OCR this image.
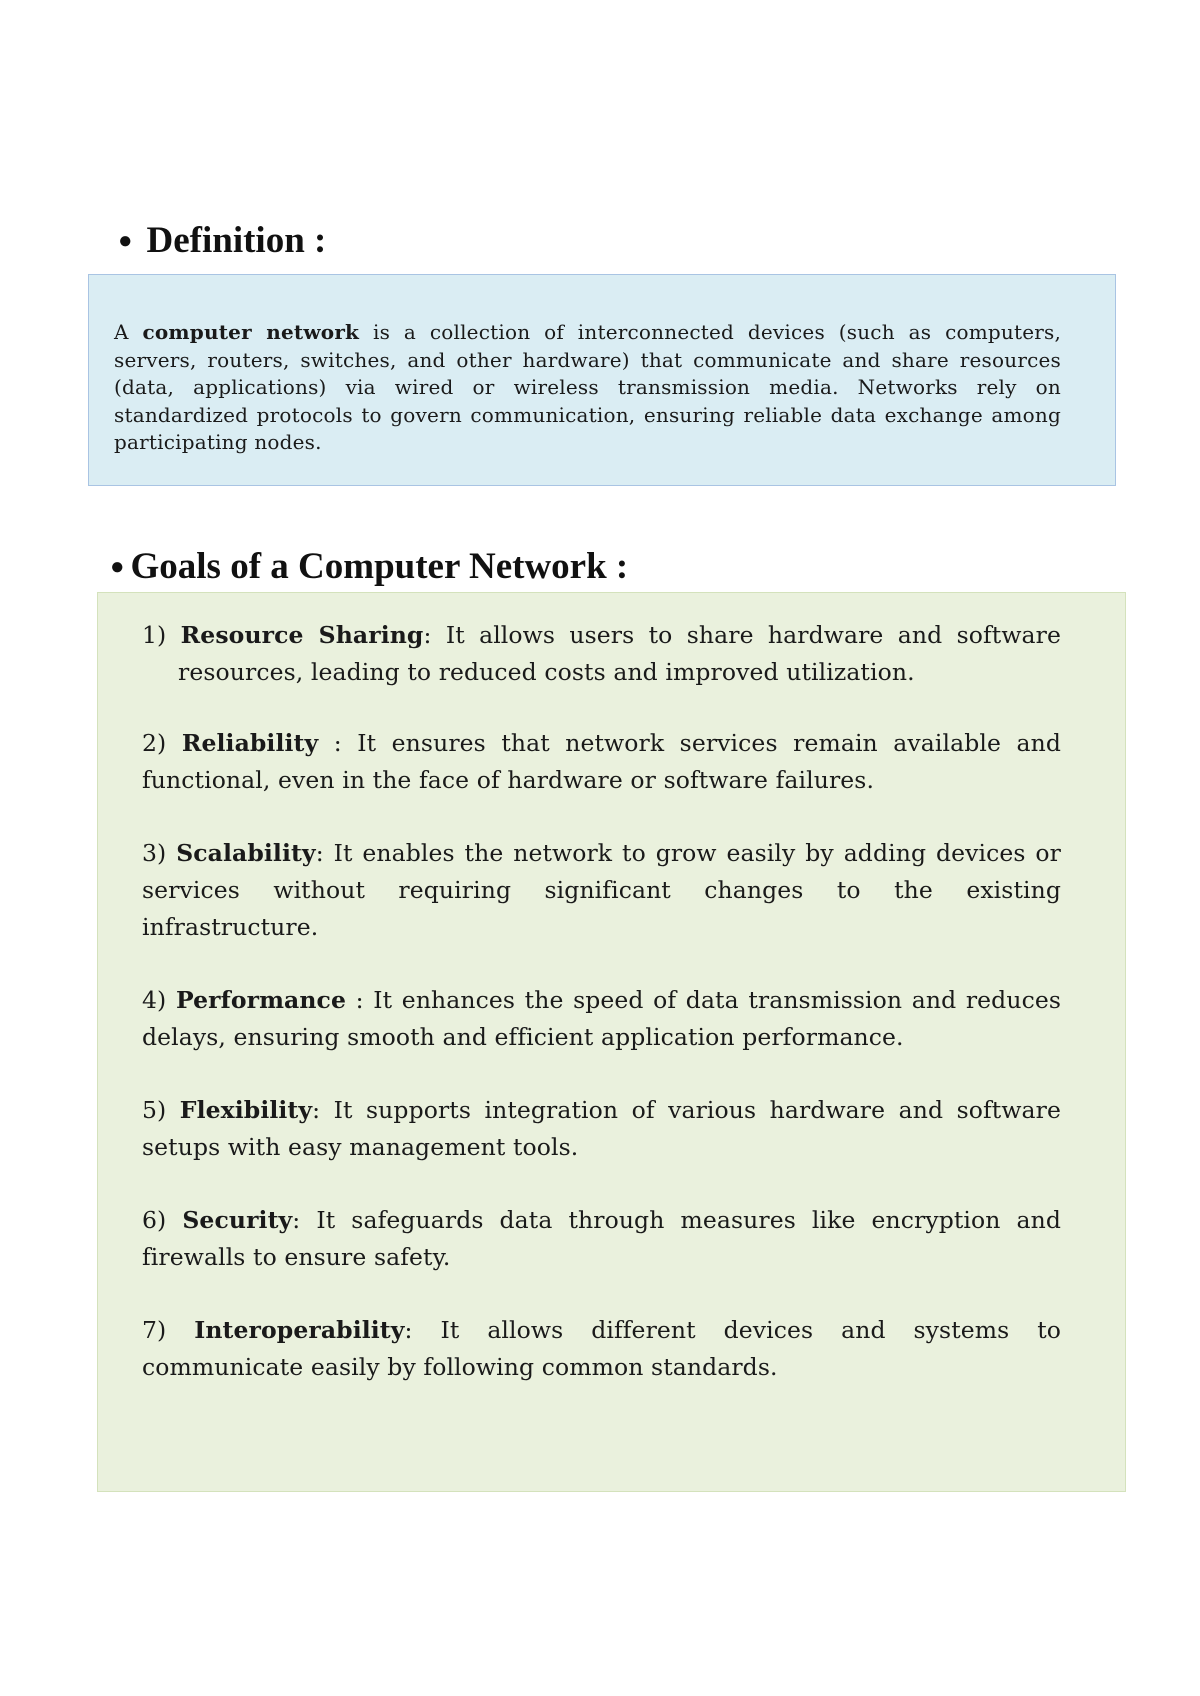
● Definition :

A computer network is a collection of interconnected devices (such as computers, servers, routers, switches, and other hardware) that communicate and share resources (data, applications) via wired or wireless transmission media. Networks rely on standardized protocols to govern communication, ensuring reliable data exchange among participating nodes.

● Goals of a Computer Network :

1) Resource Sharing: It allows users to share hardware and software resources, leading to reduced costs and improved utilization.

2) Reliability : It ensures that network services remain available and functional, even in the face of hardware or software failures.

3) Scalability: It enables the network to grow easily by adding devices or services without requiring significant changes to the existing infrastructure.

4) Performance : It enhances the speed of data transmission and reduces delays, ensuring smooth and efficient application performance.

5) Flexibility: It supports integration of various hardware and software setups with easy management tools.

6) Security: It safeguards data through measures like encryption and firewalls to ensure safety.

7) Interoperability: It allows different devices and systems to communicate easily by following common standards.
